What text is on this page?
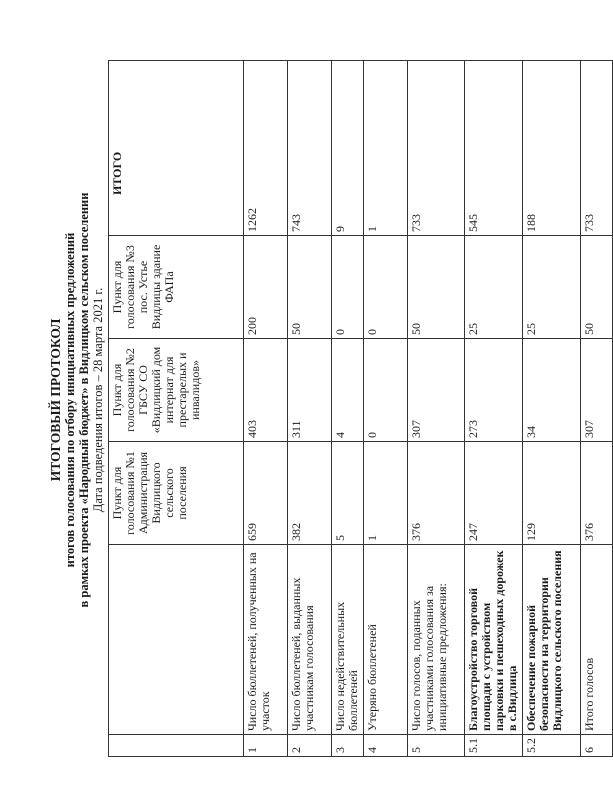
ИТОГОВЫЙ ПРОТОКОЛ итогов голосования по отбору инициативных предложений в рамках проекта «Народный бюджет» в Видлицком сельском поселении Дата подведения итогов – 28 марта 2021 г.
		Пункт для голосования №1 Администрация Видлицкого сельского поселения	Пункт для голосования №2 ГБСУ СО «Видлицкий дом интернат для престарелых и инвалидов»	Пункт для голосования №3 пос. Устье Видлицы здание ФАПа	ИТОГО
1	Число бюллетеней, полученных на участок	659	403	200	1262
2	Число бюллетеней, выданных участникам голосования	382	311	50	743
3	Число недействительных бюллетеней	5	4	0	9
4	Утеряно бюллетеней	1	0	0	1
5	Число голосов, поданных участниками голосования за инициативные предложения:	376	307	50	733
5.1	Благоустройство торговой площади с устройством парковки и пешеходных дорожек в с.Видлица	247	273	25	545
5.2	Обеспечение пожарной безопасности на территории Видлицкого сельского поселения	129	34	25	188
6	Итого голосов	376	307	50	733
